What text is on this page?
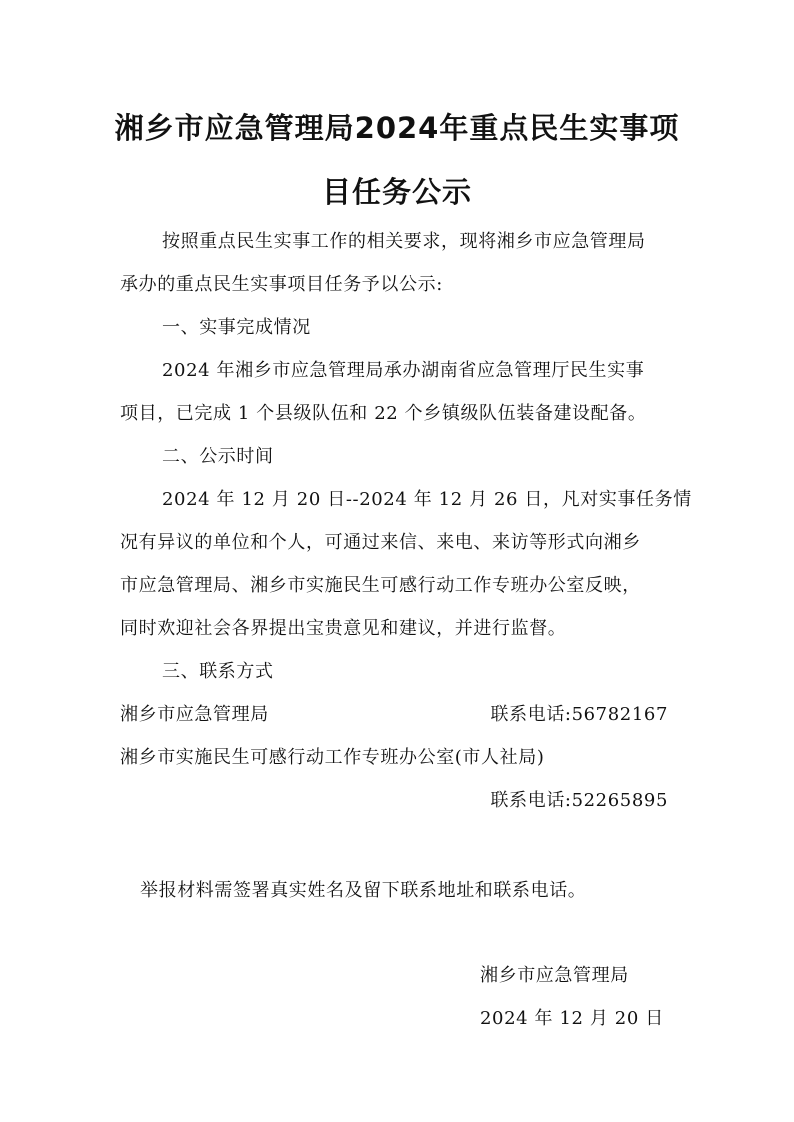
湘乡市应急管理局2024年重点民生实事项
目任务公示

按照重点民生实事工作的相关要求，现将湘乡市应急管理局

承办的重点民生实事项目任务予以公示:

一、实事完成情况

2024 年湘乡市应急管理局承办湖南省应急管理厅民生实事

项目，已完成 1 个县级队伍和 22 个乡镇级队伍装备建设配备。

二、公示时间

2024 年 12 月 20 日--2024 年 12 月 26 日，凡对实事任务情

况有异议的单位和个人，可通过来信、来电、来访等形式向湘乡

市应急管理局、湘乡市实施民生可感行动工作专班办公室反映，

同时欢迎社会各界提出宝贵意见和建议，并进行监督。

三、联系方式

湘乡市应急管理局	联系电话:56782167

湘乡市实施民生可感行动工作专班办公室(市人社局)

联系电话:52265895

举报材料需签署真实姓名及留下联系地址和联系电话。

湘乡市应急管理局

2024 年 12 月 20 日
